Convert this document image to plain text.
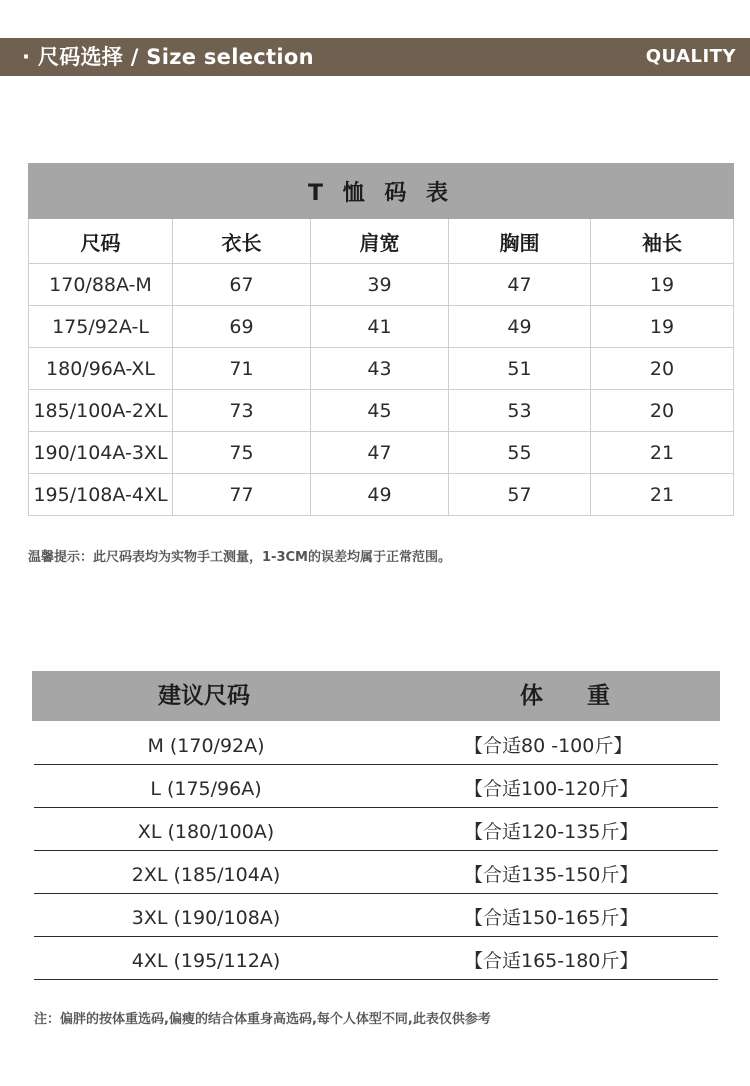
· 尺码选择 / Size selection	QUALITY
T 恤 码 表				
尺码	衣长	肩宽	胸围	袖长
170/88A-M	67	39	47	19
175/92A-L	69	41	49	19
180/96A-XL	71	43	51	20
185/100A-2XL	73	45	53	20
190/104A-3XL	75	47	55	21
195/108A-4XL	77	49	57	21
温馨提示：此尺码表均为实物手工测量，1-3CM的误差均属于正常范围。
建议尺码	体 重
M (170/92A)	【合适80 -100斤】
L (175/96A)	【合适100-120斤】
XL (180/100A)	【合适120-135斤】
2XL (185/104A)	【合适135-150斤】
3XL (190/108A)	【合适150-165斤】
4XL (195/112A)	【合适165-180斤】
注：偏胖的按体重选码,偏瘦的结合体重身高选码,每个人体型不同,此表仅供参考
